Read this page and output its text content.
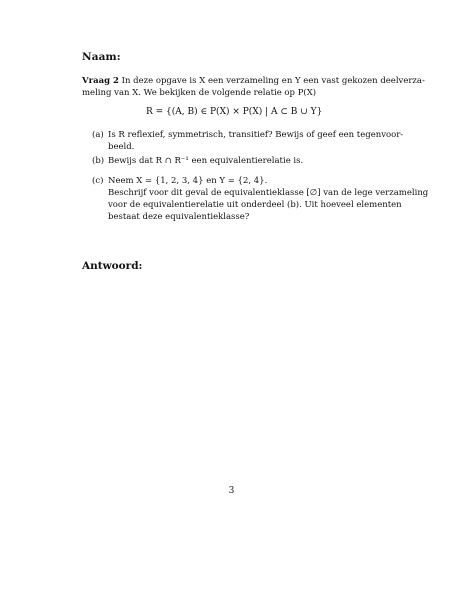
Naam:
Vraag 2 In deze opgave is X een verzameling en Y een vast gekozen deelverza-
meling van X. We bekijken de volgende relatie op P(X)
R = {(A, B) ∈ P(X) × P(X) | A ⊂ B ∪ Y}
(a) Is R reflexief, symmetrisch, transitief? Bewijs of geef een tegenvoor-
beeld.
(b) Bewijs dat R ∩ R⁻¹ een equivalentierelatie is.
(c) Neem X = {1, 2, 3, 4} en Y = {2, 4}.
Beschrijf voor dit geval de equivalentieklasse [∅] van de lege verzameling
voor de equivalentierelatie uit onderdeel (b). Uit hoeveel elementen
bestaat deze equivalentieklasse?
Antwoord:
3
